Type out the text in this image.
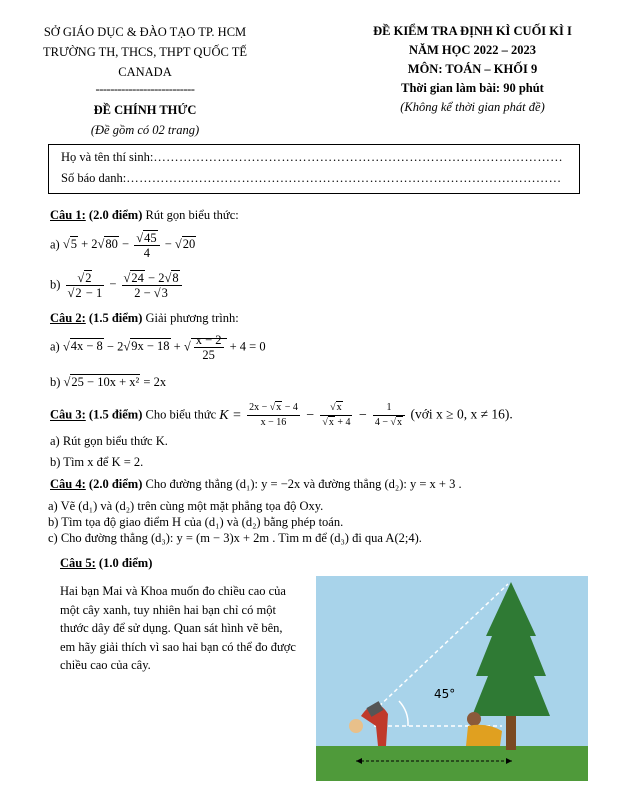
SỞ GIÁO DỤC & ĐÀO TẠO TP. HCM
TRƯỜNG TH, THCS, THPT QUỐC TẾ CANADA
---------------------------
ĐỀ CHÍNH THỨC
(Đề gồm có 02 trang)
ĐỀ KIỂM TRA ĐỊNH KÌ CUỐI KÌ I
NĂM HỌC 2022 – 2023
MÔN: TOÁN – KHỐI 9
Thời gian làm bài: 90 phút
(Không kể thời gian phát đề)
Họ và tên thí sinh:……………………………………………………………………………………
Số báo danh:…………………………………………………………………………………………
Câu 1: (2.0 điểm) Rút gọn biểu thức:
a) $√5 + 2√80 - \frac{√45}{4} - √20$
$b) \frac{√2}{√2 - 1} - \frac{√24 - 2√8}{2 - √3}$
Câu 2: (1.5 điểm) Giải phương trình:
a) √4x − 8 − 2√9x − 18 + √ $\frac{x - 2}{25} + 4 = 0$
b) √25 − 10x + x² = 2x
Câu 3: (1.5 điểm) Cho biểu thức $K = \frac{2x - √x - 4}{x - 16} - \frac{√x}{√x + 4} - \frac{1}{4 - √x}$ (với x ≥ 0, x ≠ 16).
a) Rút gọn biểu thức K.
b) Tìm x để K = 2.
Câu 4: (2.0 điểm) Cho đường thẳng (d₁): y = −2x và đường thẳng (d₂): y = x + 3 .
a) Vẽ (d₁) và (d₂) trên cùng một mặt phẳng tọa độ Oxy.
b) Tìm tọa độ giao điểm H của (d₁) và (d₂) bằng phép toán.
c) Cho đường thẳng (d₃): y = (m − 3)x + 2m . Tìm m để (d₃) đi qua A(2;4).
Câu 5: (1.0 điểm)
Hai bạn Mai và Khoa muốn đo chiều cao của một cây xanh, tuy nhiên hai bạn chỉ có một thước dây để sử dụng. Quan sát hình vẽ bên, em hãy giải thích vì sao hai bạn có thể đo được chiều cao của cây.
45°
